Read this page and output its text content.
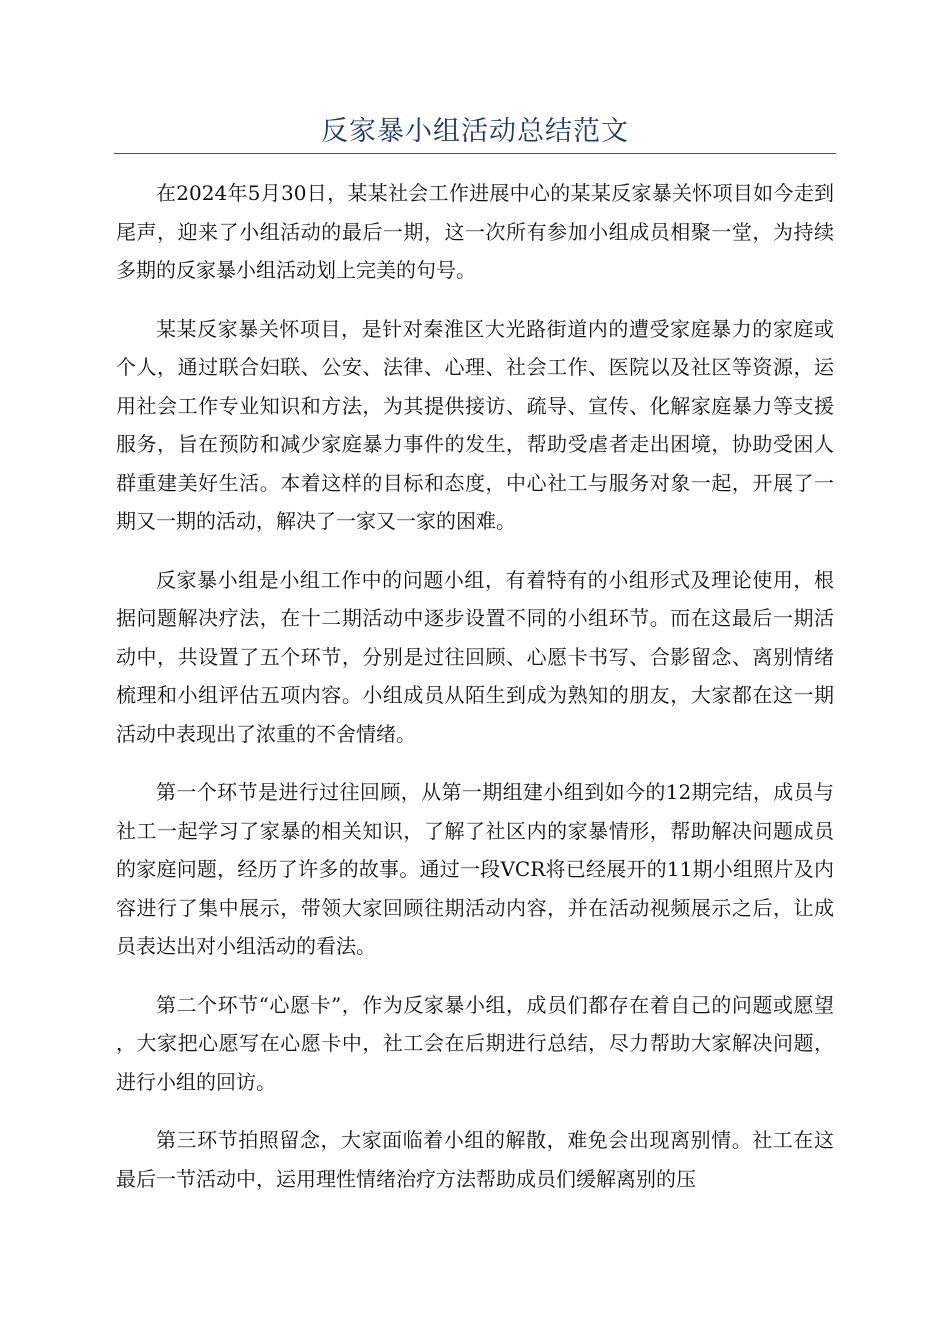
反家暴小组活动总结范文

在2024年5月30日，某某社会工作进展中心的某某反家暴关怀项目如今走到尾声，迎来了小组活动的最后一期，这一次所有参加小组成员相聚一堂，为持续多期的反家暴小组活动划上完美的句号。

某某反家暴关怀项目，是针对秦淮区大光路街道内的遭受家庭暴力的家庭或个人，通过联合妇联、公安、法律、心理、社会工作、医院以及社区等资源，运用社会工作专业知识和方法，为其提供接访、疏导、宣传、化解家庭暴力等支援服务，旨在预防和减少家庭暴力事件的发生，帮助受虐者走出困境，协助受困人群重建美好生活。本着这样的目标和态度，中心社工与服务对象一起，开展了一期又一期的活动，解决了一家又一家的困难。

反家暴小组是小组工作中的问题小组，有着特有的小组形式及理论使用，根据问题解决疗法，在十二期活动中逐步设置不同的小组环节。而在这最后一期活动中，共设置了五个环节，分别是过往回顾、心愿卡书写、合影留念、离别情绪梳理和小组评估五项内容。小组成员从陌生到成为熟知的朋友，大家都在这一期活动中表现出了浓重的不舍情绪。

第一个环节是进行过往回顾，从第一期组建小组到如今的12期完结，成员与社工一起学习了家暴的相关知识，了解了社区内的家暴情形，帮助解决问题成员的家庭问题，经历了许多的故事。通过一段VCR将已经展开的11期小组照片及内容进行了集中展示，带领大家回顾往期活动内容，并在活动视频展示之后，让成员表达出对小组活动的看法。

第二个环节“心愿卡”，作为反家暴小组，成员们都存在着自己的问题或愿望，大家把心愿写在心愿卡中，社工会在后期进行总结，尽力帮助大家解决问题，进行小组的回访。

第三环节拍照留念，大家面临着小组的解散，难免会出现离别情。社工在这最后一节活动中，运用理性情绪治疗方法帮助成员们缓解离别的压
